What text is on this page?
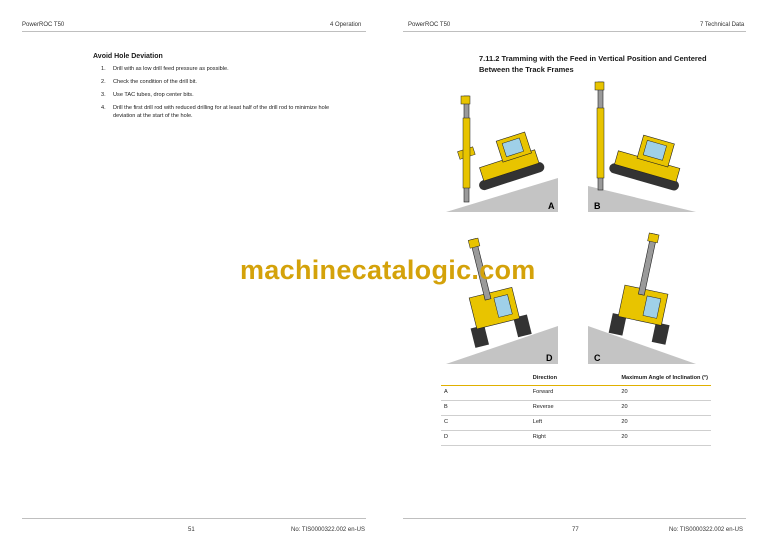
PowerROC T50	4 Operation	PowerROC T50	7 Technical Data
Avoid Hole Deviation
1. Drill with as low drill feed pressure as possible.
2. Check the condition of the drill bit.
3. Use TAC tubes, drop center bits.
4. Drill the first drill rod with reduced drilling for at least half of the drill rod to minimize hole deviation at the start of the hole.
7.11.2 Tramming with the Feed in Vertical Position and Centered Between the Track Frames
A	B
D	C
machinecatalogic.com
	Direction	Maximum Angle of Inclination (°)
A	Forward	20
B	Reverse	20
C	Left	20
D	Right	20
51	No: TIS0000322.002 en-US	77	No: TIS0000322.002 en-US
